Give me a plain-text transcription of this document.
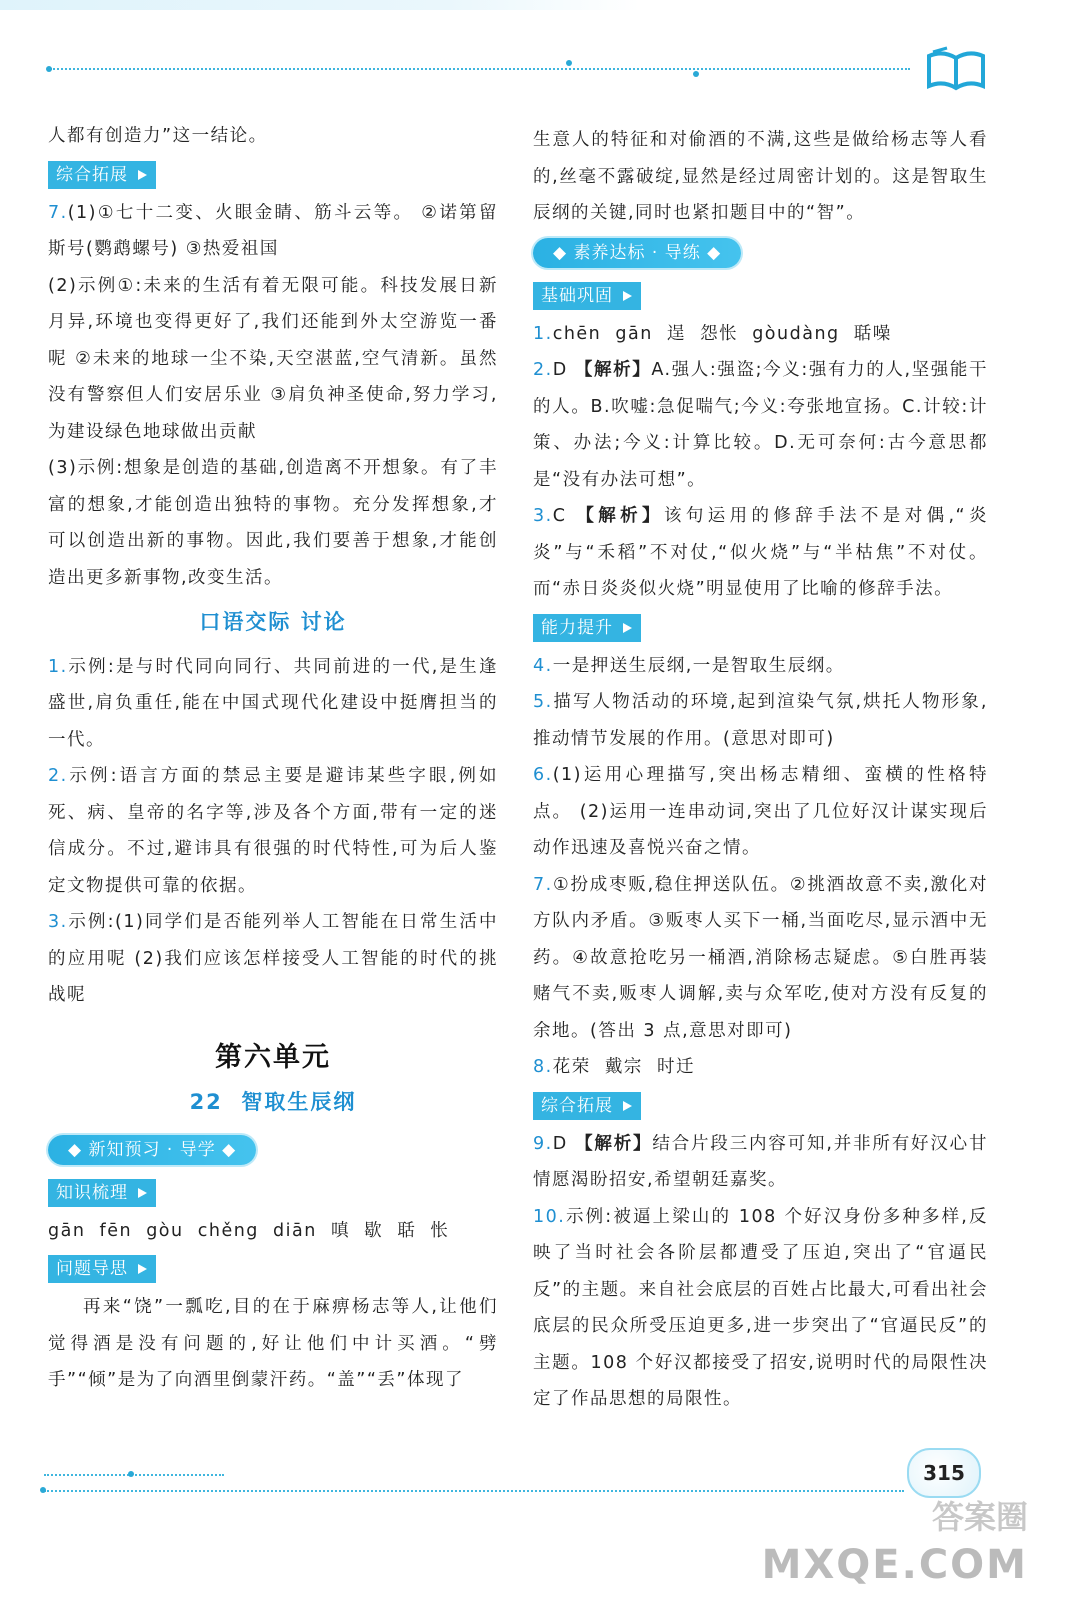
人都有创造力”这一结论。

综合拓展

7.(1)①七十二变、火眼金睛、筋斗云等。 ②诺第留斯号(鹦鹉螺号) ③热爱祖国

(2)示例①:未来的生活有着无限可能。科技发展日新月异,环境也变得更好了,我们还能到外太空游览一番呢 ②未来的地球一尘不染,天空湛蓝,空气清新。虽然没有警察但人们安居乐业 ③肩负神圣使命,努力学习,为建设绿色地球做出贡献

(3)示例:想象是创造的基础,创造离不开想象。有了丰富的想象,才能创造出独特的事物。充分发挥想象,才可以创造出新的事物。因此,我们要善于想象,才能创造出更多新事物,改变生活。

口语交际 讨论

1.示例:是与时代同向同行、共同前进的一代,是生逢盛世,肩负重任,能在中国式现代化建设中挺膺担当的一代。

2.示例:语言方面的禁忌主要是避讳某些字眼,例如死、病、皇帝的名字等,涉及各个方面,带有一定的迷信成分。不过,避讳具有很强的时代特性,可为后人鉴定文物提供可靠的依据。

3.示例:(1)同学们是否能列举人工智能在日常生活中的应用呢 (2)我们应该怎样接受人工智能的时代的挑战呢

第六单元
22 智取生辰纲
◆ 新知预习 · 导学 ◆
知识梳理

gān  fēn  gòu  chěng  diān  嗔  歇  聒  怅

问题导思

再来“饶”一瓢吃,目的在于麻痹杨志等人,让他们觉得酒是没有问题的,好让他们中计买酒。“劈手”“倾”是为了向酒里倒蒙汗药。“盖”“丢”体现了

生意人的特征和对偷酒的不满,这些是做给杨志等人看的,丝毫不露破绽,显然是经过周密计划的。这是智取生辰纲的关键,同时也紧扣题目中的“智”。

◆ 素养达标 · 导练 ◆
基础巩固

1.chēn  gān  逞  怨怅  gòudàng  聒噪

2.D 【解析】A.强人:强盗;今义:强有力的人,坚强能干的人。B.吹嘘:急促喘气;今义:夸张地宣扬。C.计较:计策、办法;今义:计算比较。D.无可奈何:古今意思都是“没有办法可想”。

3.C 【解析】该句运用的修辞手法不是对偶,“炎炎”与“禾稻”不对仗,“似火烧”与“半枯焦”不对仗。而“赤日炎炎似火烧”明显使用了比喻的修辞手法。

能力提升

4.一是押送生辰纲,一是智取生辰纲。

5.描写人物活动的环境,起到渲染气氛,烘托人物形象,推动情节发展的作用。(意思对即可)

6.(1)运用心理描写,突出杨志精细、蛮横的性格特点。 (2)运用一连串动词,突出了几位好汉计谋实现后动作迅速及喜悦兴奋之情。

7.①扮成枣贩,稳住押送队伍。②挑酒故意不卖,激化对方队内矛盾。③贩枣人买下一桶,当面吃尽,显示酒中无药。④故意抢吃另一桶酒,消除杨志疑虑。⑤白胜再装赌气不卖,贩枣人调解,卖与众军吃,使对方没有反复的余地。(答出 3 点,意思对即可)

8.花荣  戴宗  时迁

综合拓展

9.D 【解析】结合片段三内容可知,并非所有好汉心甘情愿渴盼招安,希望朝廷嘉奖。

10.示例:被逼上梁山的 108 个好汉身份多种多样,反映了当时社会各阶层都遭受了压迫,突出了“官逼民反”的主题。来自社会底层的百姓占比最大,可看出社会底层的民众所受压迫更多,进一步突出了“官逼民反”的主题。108 个好汉都接受了招安,说明时代的局限性决定了作品思想的局限性。

315
答案圈
MXQE.COM
